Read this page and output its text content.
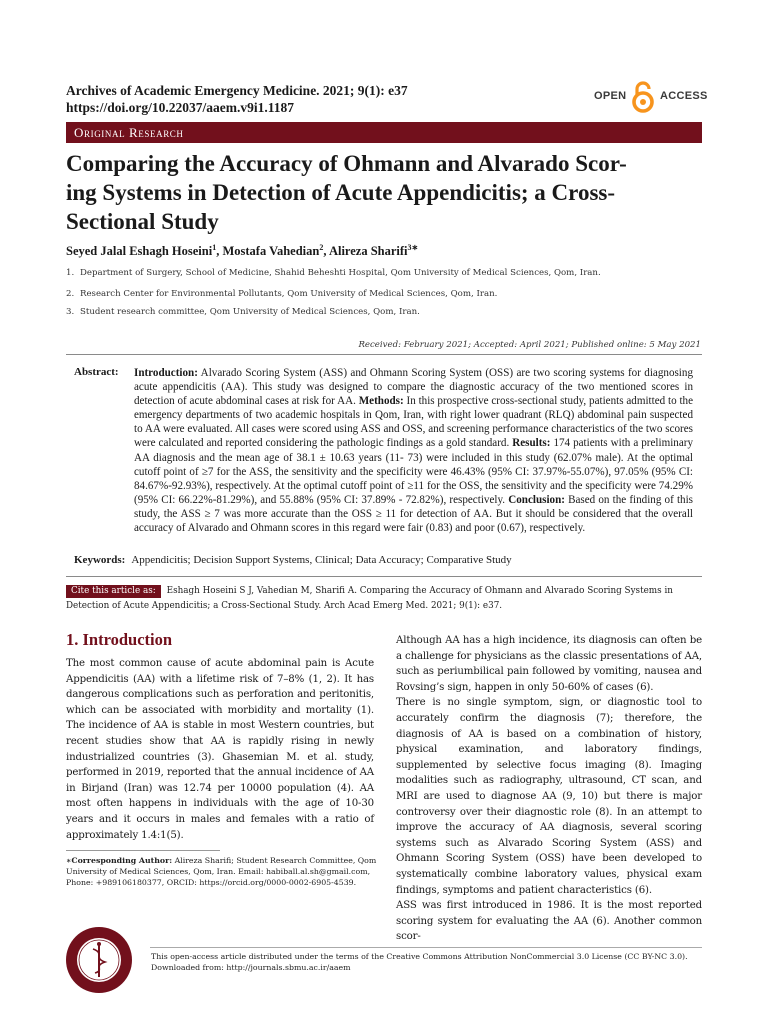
Archives of Academic Emergency Medicine. 2021; 9(1): e37
https://doi.org/10.22037/aaem.v9i1.1187
OPEN	ACCESS
Original Research
Comparing the Accuracy of Ohmann and Alvarado Scor-
ing Systems in Detection of Acute Appendicitis; a Cross-
Sectional Study
Seyed Jalal Eshagh Hoseini$^1$, Mostafa Vahedian$^2$, Alireza Sharifi$^{3∗}$
1. Department of Surgery, School of Medicine, Shahid Beheshti Hospital, Qom University of Medical Sciences, Qom, Iran.
2. Research Center for Environmental Pollutants, Qom University of Medical Sciences, Qom, Iran.
3. Student research committee, Qom University of Medical Sciences, Qom, Iran.
Received: February 2021; Accepted: April 2021; Published online: 5 May 2021
Abstract: Introduction: Alvarado Scoring System (ASS) and Ohmann Scoring System (OSS) are two scoring systems for diagnosing acute appendicitis (AA). This study was designed to compare the diagnostic accuracy of the two mentioned scores in detection of acute abdominal cases at risk for AA. Methods: In this prospective cross-sectional study, patients admitted to the emergency departments of two academic hospitals in Qom, Iran, with right lower quadrant (RLQ) abdominal pain suspected to AA were evaluated. All cases were scored using ASS and OSS, and screening performance characteristics of the two scores were calculated and reported considering the pathologic findings as a gold standard. Results: 174 patients with a preliminary AA diagnosis and the mean age of 38.1 ± 10.63 years (11- 73) were included in this study (62.07% male). At the optimal cutoff point of ≥7 for the ASS, the sensitivity and the specificity were 46.43% (95% CI: 37.97%-55.07%), 97.05% (95% CI: 84.67%-92.93%), respectively. At the optimal cutoff point of ≥11 for the OSS, the sensitivity and the specificity were 74.29% (95% CI: 66.22%-81.29%), and 55.88% (95% CI: 37.89% - 72.82%), respectively. Conclusion: Based on the finding of this study, the ASS ≥ 7 was more accurate than the OSS ≥ 11 for detection of AA. But it should be considered that the overall accuracy of Alvarado and Ohmann scores in this regard were fair (0.83) and poor (0.67), respectively.
Keywords: Appendicitis; Decision Support Systems, Clinical; Data Accuracy; Comparative Study
Cite this article as: Eshagh Hoseini S J, Vahedian M, Sharifi A. Comparing the Accuracy of Ohmann and Alvarado Scoring Systems in Detection of Acute Appendicitis; a Cross-Sectional Study. Arch Acad Emerg Med. 2021; 9(1): e37.
1. Introduction

The most common cause of acute abdominal pain is Acute Appendicitis (AA) with a lifetime risk of 7–8% (1, 2). It has dangerous complications such as perforation and peritonitis, which can be associated with morbidity and mortality (1). The incidence of AA is stable in most Western countries, but recent studies show that AA is rapidly rising in newly industrialized countries (3). Ghasemian M. et al. study, performed in 2019, reported that the annual incidence of AA in Birjand (Iran) was 12.74 per 10000 population (4). AA most often happens in individuals with the age of 10-30 years and it occurs in males and females with a ratio of approximately 1.4:1(5).

Although AA has a high incidence, its diagnosis can often be a challenge for physicians as the classic presentations of AA, such as periumbilical pain followed by vomiting, nausea and Rovsing’s sign, happen in only 50-60% of cases (6).

There is no single symptom, sign, or diagnostic tool to accurately confirm the diagnosis (7); therefore, the diagnosis of AA is based on a combination of history, physical examination, and laboratory findings, supplemented by selective focus imaging (8). Imaging modalities such as radiography, ultrasound, CT scan, and MRI are used to diagnose AA (9, 10) but there is major controversy over their diagnostic role (8). In an attempt to improve the accuracy of AA diagnosis, several scoring systems such as Alvarado Scoring System (ASS) and Ohmann Scoring System (OSS) have been developed to systematically combine laboratory values, physical exam findings, symptoms and patient characteristics (6).

ASS was first introduced in 1986. It is the most reported scoring system for evaluating the AA (6). Another common scor-

∗Corresponding Author: Alireza Sharifi; Student Research Committee, Qom University of Medical Sciences, Qom, Iran. Email: habiball.al.sh@gmail.com, Phone: +989106180377, ORCID: https://orcid.org/0000-0002-6905-4539.
This open-access article distributed under the terms of the Creative Commons Attribution NonCommercial 3.0 License (CC BY-NC 3.0).
Downloaded from: http://journals.sbmu.ac.ir/aaem
